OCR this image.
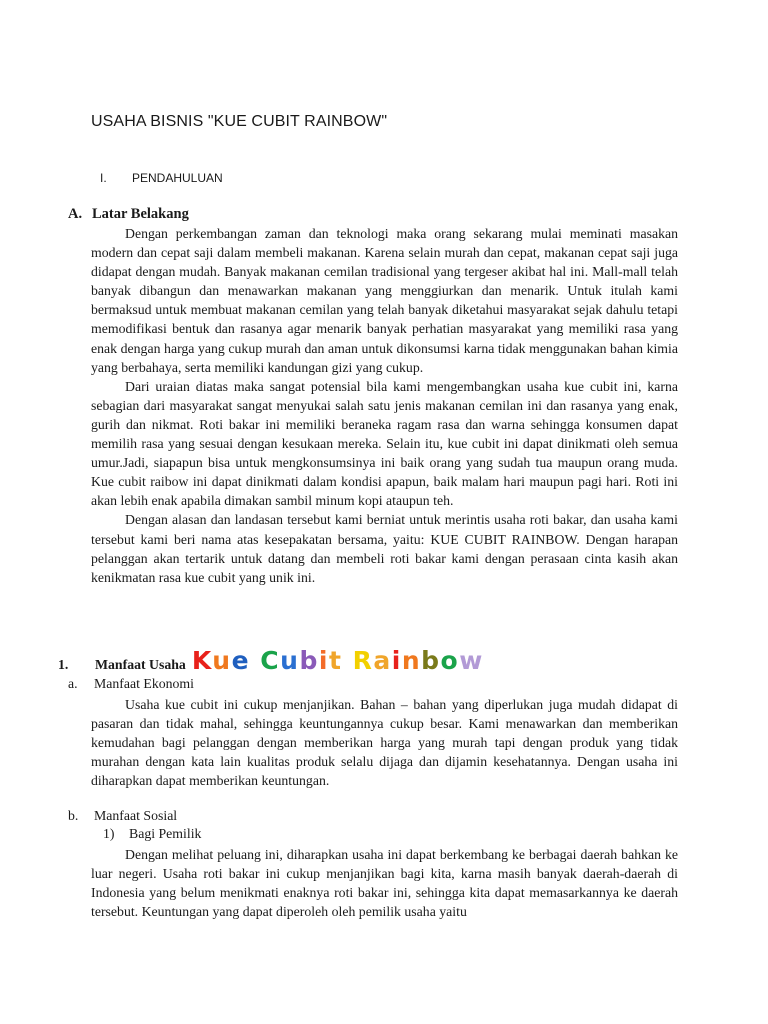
USAHA BISNIS "KUE CUBIT RAINBOW"
I. PENDAHULUAN
A. Latar Belakang

Dengan perkembangan zaman dan teknologi maka orang sekarang mulai meminati masakan modern dan cepat saji dalam membeli makanan. Karena selain murah dan cepat, makanan cepat saji juga didapat dengan mudah. Banyak makanan cemilan tradisional yang tergeser akibat hal ini. Mall-mall telah banyak dibangun dan menawarkan makanan yang menggiurkan dan menarik. Untuk itulah kami bermaksud untuk membuat makanan cemilan yang telah banyak diketahui masyarakat sejak dahulu tetapi memodifikasi bentuk dan rasanya agar menarik banyak perhatian masyarakat yang memiliki rasa yang enak dengan harga yang cukup murah dan aman untuk dikonsumsi karna tidak menggunakan bahan kimia yang berbahaya, serta memiliki kandungan gizi yang cukup.

Dari uraian diatas maka sangat potensial bila kami mengembangkan usaha kue cubit ini, karna sebagian dari masyarakat sangat menyukai salah satu jenis makanan cemilan ini dan rasanya yang enak, gurih dan nikmat. Roti bakar ini memiliki beraneka ragam rasa dan warna sehingga konsumen dapat memilih rasa yang sesuai dengan kesukaan mereka. Selain itu, kue cubit ini dapat dinikmati oleh semua umur.Jadi, siapapun bisa untuk mengkonsumsinya ini baik orang yang sudah tua maupun orang muda. Kue cubit raibow ini dapat dinikmati dalam kondisi apapun, baik malam hari maupun pagi hari. Roti ini akan lebih enak apabila dimakan sambil minum kopi ataupun teh.

Dengan alasan dan landasan tersebut kami berniat untuk merintis usaha roti bakar, dan usaha kami tersebut kami beri nama atas kesepakatan bersama, yaitu: KUE CUBIT RAINBOW. Dengan harapan pelanggan akan tertarik untuk datang dan membeli roti bakar kami dengan perasaan cinta kasih akan kenikmatan rasa kue cubit yang unik ini.

1.	Manfaat Usaha Kue Cubit Rainbow
a. Manfaat Ekonomi

Usaha kue cubit ini cukup menjanjikan. Bahan – bahan yang diperlukan juga mudah didapat di pasaran dan tidak mahal, sehingga keuntungannya cukup besar. Kami menawarkan dan memberikan kemudahan bagi pelanggan dengan memberikan harga yang murah tapi dengan produk yang tidak murahan dengan kata lain kualitas produk selalu dijaga dan dijamin kesehatannya. Dengan usaha ini diharapkan dapat memberikan keuntungan.

b. Manfaat Sosial
1) Bagi Pemilik

Dengan melihat peluang ini, diharapkan usaha ini dapat berkembang ke berbagai daerah bahkan ke luar negeri. Usaha roti bakar ini cukup menjanjikan bagi kita, karna masih banyak daerah-daerah di Indonesia yang belum menikmati enaknya roti bakar ini, sehingga kita dapat memasarkannya ke daerah tersebut. Keuntungan yang dapat diperoleh oleh pemilik usaha yaitu
